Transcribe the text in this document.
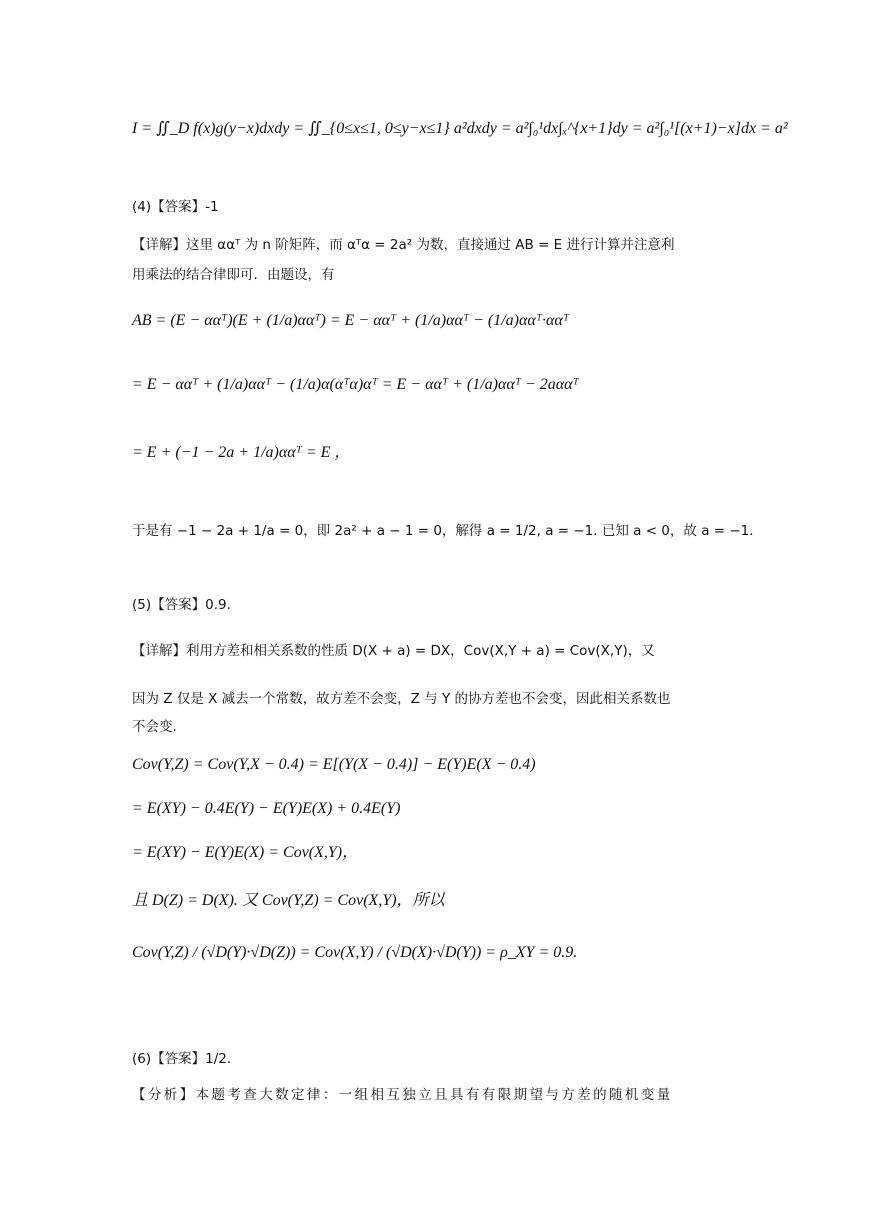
I = ∬_D f(x)g(y−x)dxdy = ∬_{0≤x≤1, 0≤y−x≤1} a²dxdy = a²∫₀¹dx∫ₓ^{x+1}dy = a²∫₀¹[(x+1)−x]dx = a²
(4)【答案】-1
【详解】这里 ααᵀ 为 n 阶矩阵，而 αᵀα = 2a² 为数，直接通过 AB = E 进行计算并注意利
用乘法的结合律即可．由题设，有
AB = (E − ααᵀ)(E + (1/a)ααᵀ) = E − ααᵀ + (1/a)ααᵀ − (1/a)ααᵀ·ααᵀ
= E − ααᵀ + (1/a)ααᵀ − (1/a)α(αᵀα)αᵀ = E − ααᵀ + (1/a)ααᵀ − 2aααᵀ
= E + (−1 − 2a + 1/a)ααᵀ = E ，
于是有 −1 − 2a + 1/a = 0，即 2a² + a − 1 = 0，解得 a = 1/2, a = −1. 已知 a < 0，故 a = −1．
(5)【答案】0.9.
【详解】利用方差和相关系数的性质 D(X + a) = DX，Cov(X,Y + a) = Cov(X,Y)，又
因为 Z 仅是 X 减去一个常数，故方差不会变，Z 与 Y 的协方差也不会变，因此相关系数也
不会变.
Cov(Y,Z) = Cov(Y,X − 0.4) = E[(Y(X − 0.4)] − E(Y)E(X − 0.4)
= E(XY) − 0.4E(Y) − E(Y)E(X) + 0.4E(Y)
= E(XY) − E(Y)E(X) = Cov(X,Y)，
且 D(Z) = D(X). 又 Cov(Y,Z) = Cov(X,Y)，所以
Cov(Y,Z) / (√D(Y)·√D(Z)) = Cov(X,Y) / (√D(X)·√D(Y)) = ρ_XY = 0.9.
(6)【答案】1/2．
【分析】本题考查大数定律：一组相互独立且具有有限期望与方差的随机变量
